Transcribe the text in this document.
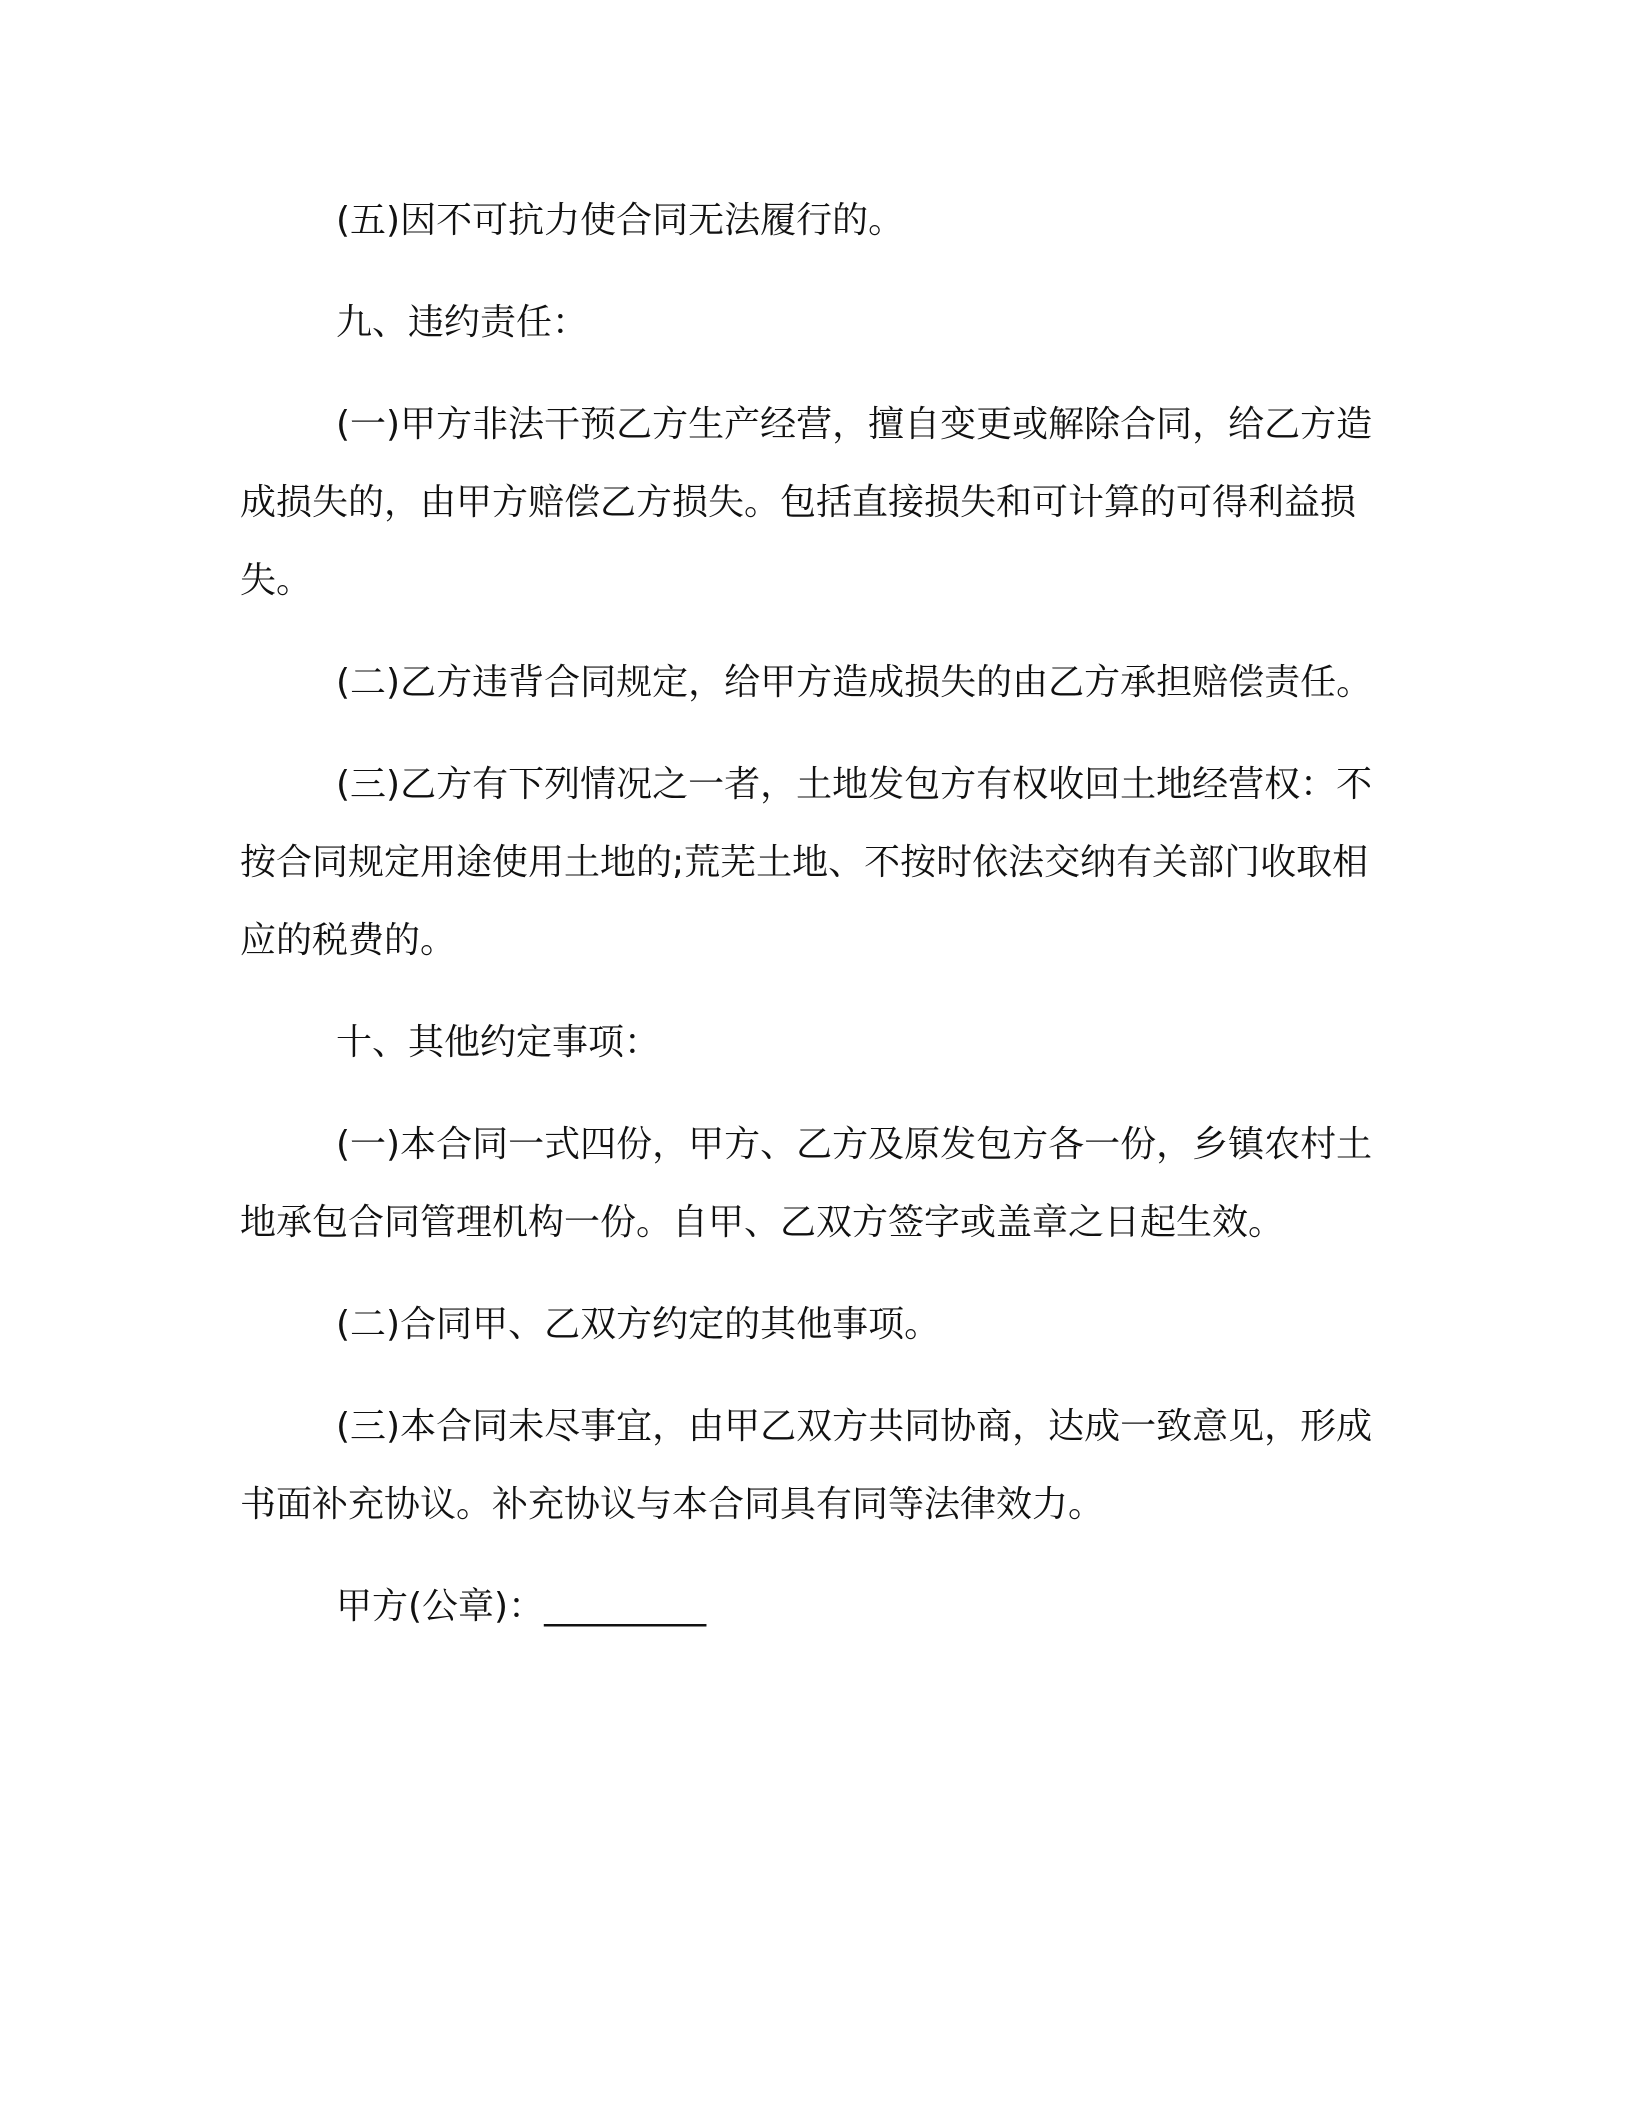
(五)因不可抗力使合同无法履行的。

九、违约责任：

(一)甲方非法干预乙方生产经营，擅自变更或解除合同，给乙方造成损失的，由甲方赔偿乙方损失。包括直接损失和可计算的可得利益损失。

(二)乙方违背合同规定，给甲方造成损失的由乙方承担赔偿责任。

(三)乙方有下列情况之一者，土地发包方有权收回土地经营权：不按合同规定用途使用土地的;荒芜土地、不按时依法交纳有关部门收取相应的税费的。

十、其他约定事项：

(一)本合同一式四份，甲方、乙方及原发包方各一份，乡镇农村土地承包合同管理机构一份。自甲、乙双方签字或盖章之日起生效。

(二)合同甲、乙双方约定的其他事项。

(三)本合同未尽事宜，由甲乙双方共同协商，达成一致意见，形成书面补充协议。补充协议与本合同具有同等法律效力。

甲方(公章)：_________
